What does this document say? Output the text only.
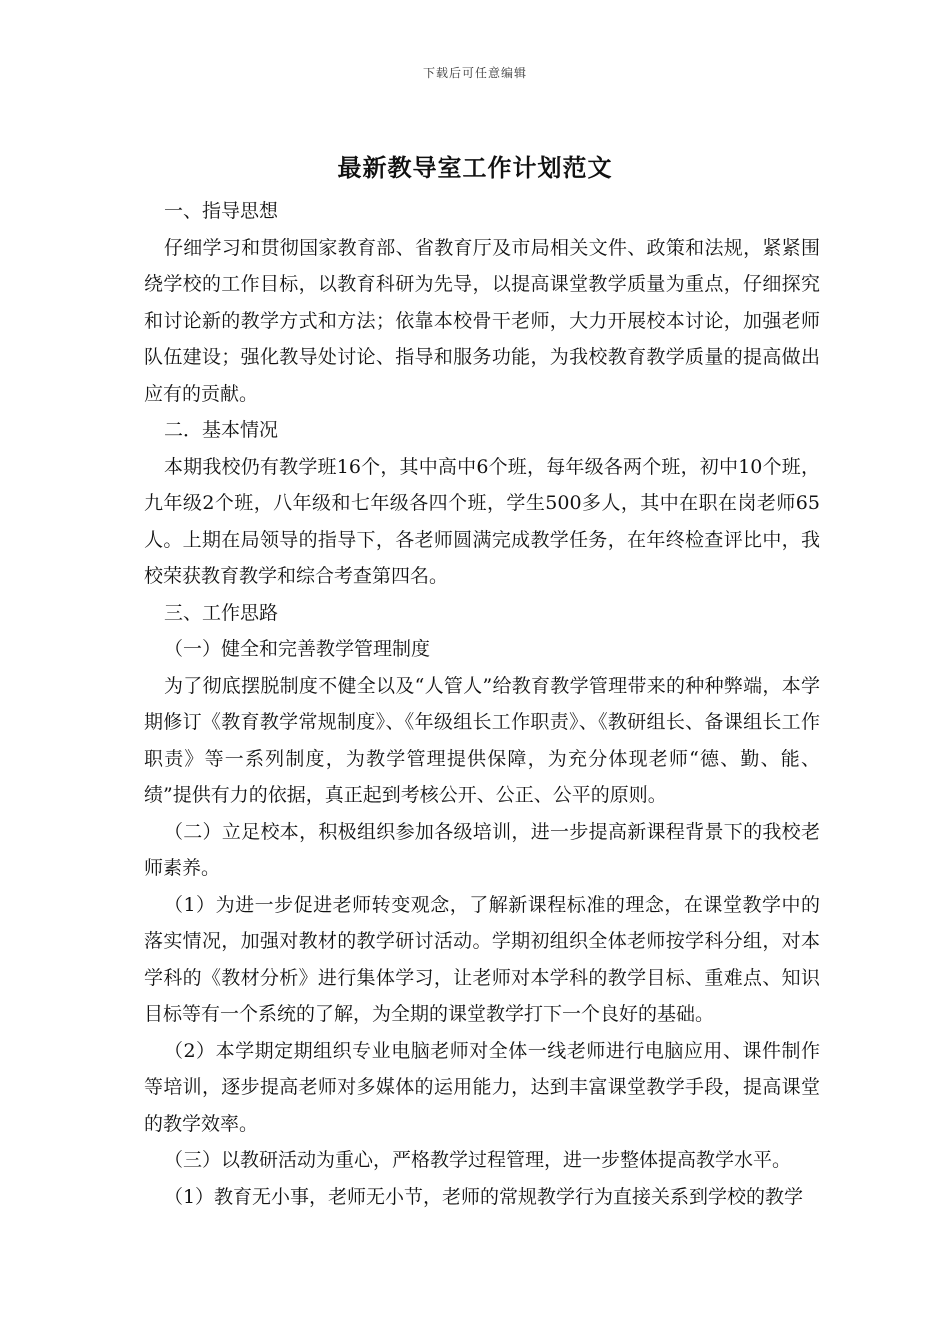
下载后可任意编辑
最新教导室工作计划范文

一、指导思想

仔细学习和贯彻国家教育部、省教育厅及市局相关文件、政策和法规，紧紧围绕学校的工作目标，以教育科研为先导，以提高课堂教学质量为重点，仔细探究和讨论新的教学方式和方法；依靠本校骨干老师，大力开展校本讨论，加强老师队伍建设；强化教导处讨论、指导和服务功能，为我校教育教学质量的提高做出应有的贡献。

二．基本情况

本期我校仍有教学班16个，其中高中6个班，每年级各两个班，初中10个班，九年级2个班，八年级和七年级各四个班，学生500多人，其中在职在岗老师65人。上期在局领导的指导下，各老师圆满完成教学任务，在年终检查评比中，我校荣获教育教学和综合考查第四名。

三、工作思路

（一）健全和完善教学管理制度

为了彻底摆脱制度不健全以及“人管人”给教育教学管理带来的种种弊端，本学期修订《教育教学常规制度》、《年级组长工作职责》、《教研组长、备课组长工作职责》等一系列制度，为教学管理提供保障，为充分体现老师“德、勤、能、绩”提供有力的依据，真正起到考核公开、公正、公平的原则。

（二）立足校本，积极组织参加各级培训，进一步提高新课程背景下的我校老师素养。

（1）为进一步促进老师转变观念，了解新课程标准的理念，在课堂教学中的落实情况，加强对教材的教学研讨活动。学期初组织全体老师按学科分组，对本学科的《教材分析》进行集体学习，让老师对本学科的教学目标、重难点、知识目标等有一个系统的了解，为全期的课堂教学打下一个良好的基础。

（2）本学期定期组织专业电脑老师对全体一线老师进行电脑应用、课件制作等培训，逐步提高老师对多媒体的运用能力，达到丰富课堂教学手段，提高课堂的教学效率。

（三）以教研活动为重心，严格教学过程管理，进一步整体提高教学水平。

（1）教育无小事，老师无小节，老师的常规教学行为直接关系到学校的教学
